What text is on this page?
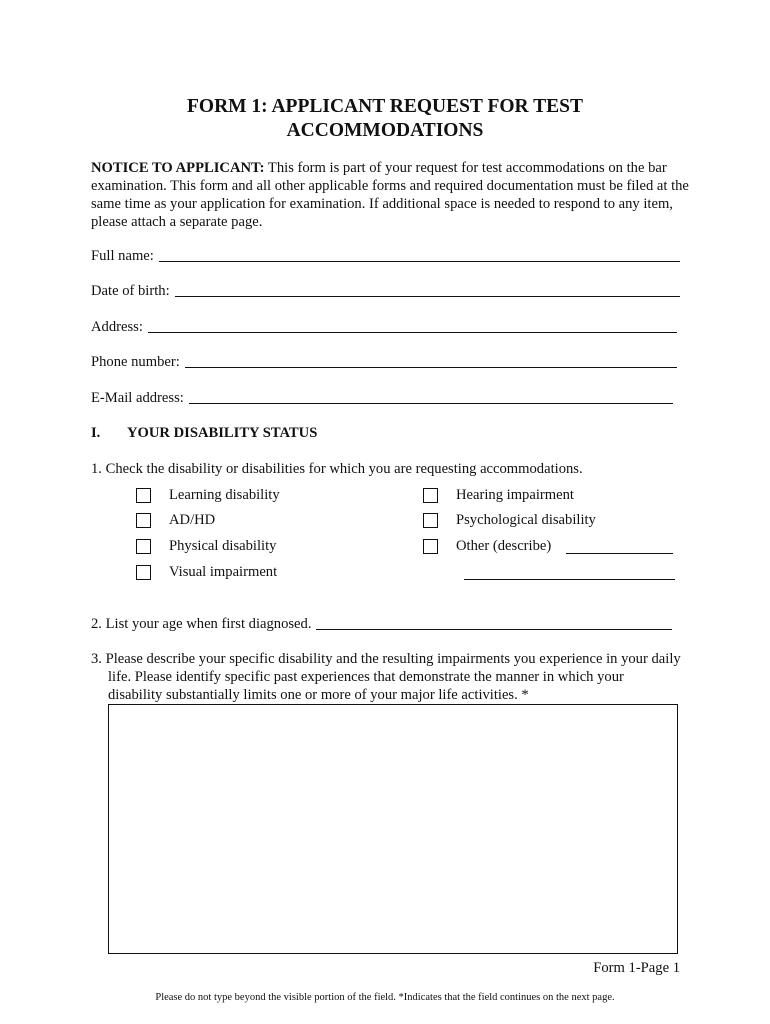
FORM 1: APPLICANT REQUEST FOR TEST
ACCOMMODATIONS
NOTICE TO APPLICANT: This form is part of your request for test accommodations on the bar examination. This form and all other applicable forms and required documentation must be filed at the same time as your application for examination. If additional space is needed to respond to any item, please attach a separate page.
Full name:
Date of birth:
Address:
Phone number:
E-Mail address:
I. YOUR DISABILITY STATUS
1. Check the disability or disabilities for which you are requesting accommodations.
Learning disability
AD/HD
Physical disability
Visual impairment
Hearing impairment
Psychological disability
Other (describe)
2. List your age when first diagnosed.
3. Please describe your specific disability and the resulting impairments you experience in your daily life. Please identify specific past experiences that demonstrate the manner in which your disability substantially limits one or more of your major life activities. *
Form 1-Page 1
Please do not type beyond the visible portion of the field. *Indicates that the field continues on the next page.
